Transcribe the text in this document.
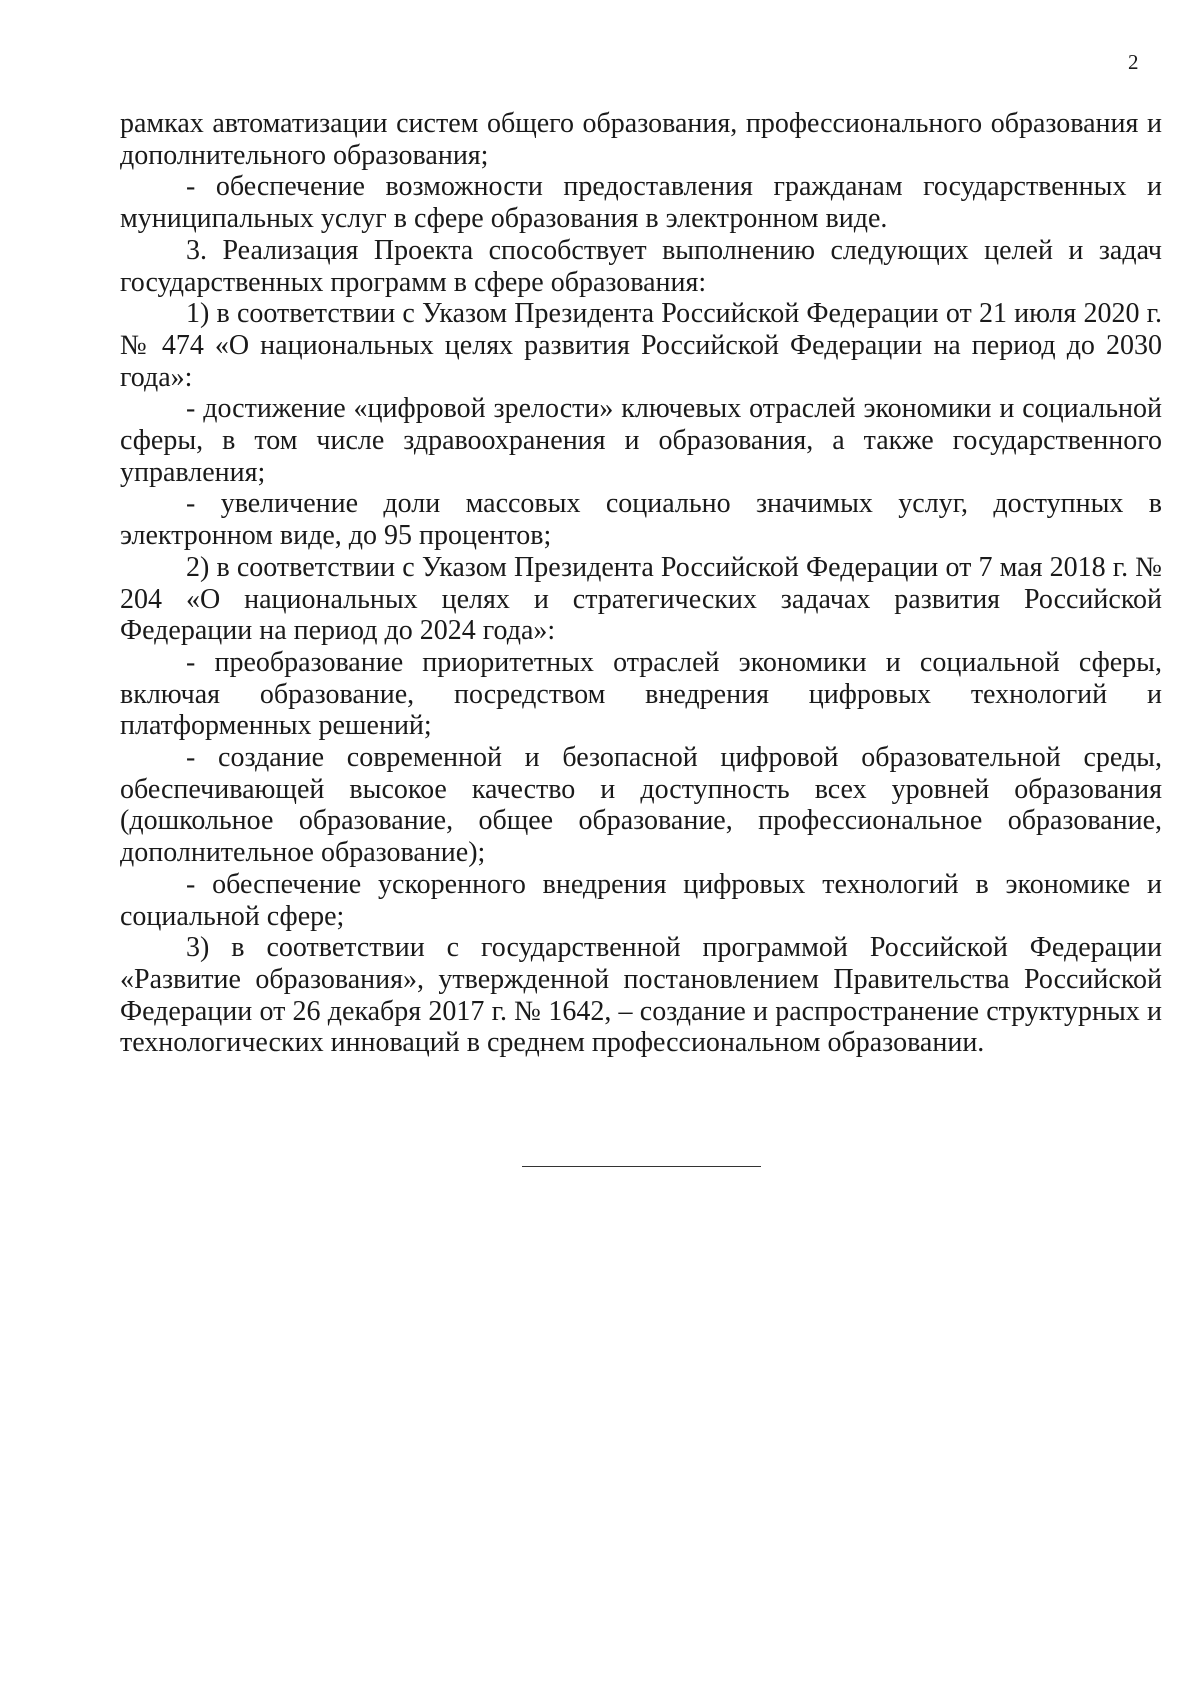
2

рамках автоматизации систем общего образования, профессионального образования и дополнительного образования;

- обеспечение возможности предоставления гражданам государственных и муниципальных услуг в сфере образования в электронном виде.

3. Реализация Проекта способствует выполнению следующих целей и задач государственных программ в сфере образования:

1) в соответствии с Указом Президента Российской Федерации от 21 июля 2020 г. № 474 «О национальных целях развития Российской Федерации на период до 2030 года»:

- достижение «цифровой зрелости» ключевых отраслей экономики и социальной сферы, в том числе здравоохранения и образования, а также государственного управления;

- увеличение доли массовых социально значимых услуг, доступных в электронном виде, до 95 процентов;

2) в соответствии с Указом Президента Российской Федерации от 7 мая 2018 г. № 204 «О национальных целях и стратегических задачах развития Российской Федерации на период до 2024 года»:

- преобразование приоритетных отраслей экономики и социальной сферы, включая образование, посредством внедрения цифровых технологий и платформенных решений;

- создание современной и безопасной цифровой образовательной среды, обеспечивающей высокое качество и доступность всех уровней образования (дошкольное образование, общее образование, профессиональное образование, дополнительное образование);

- обеспечение ускоренного внедрения цифровых технологий в экономике и социальной сфере;

3) в соответствии с государственной программой Российской Федерации «Развитие образования», утвержденной постановлением Правительства Российской Федерации от 26 декабря 2017 г. № 1642, – создание и распространение структурных и технологических инноваций в среднем профессиональном образовании.
